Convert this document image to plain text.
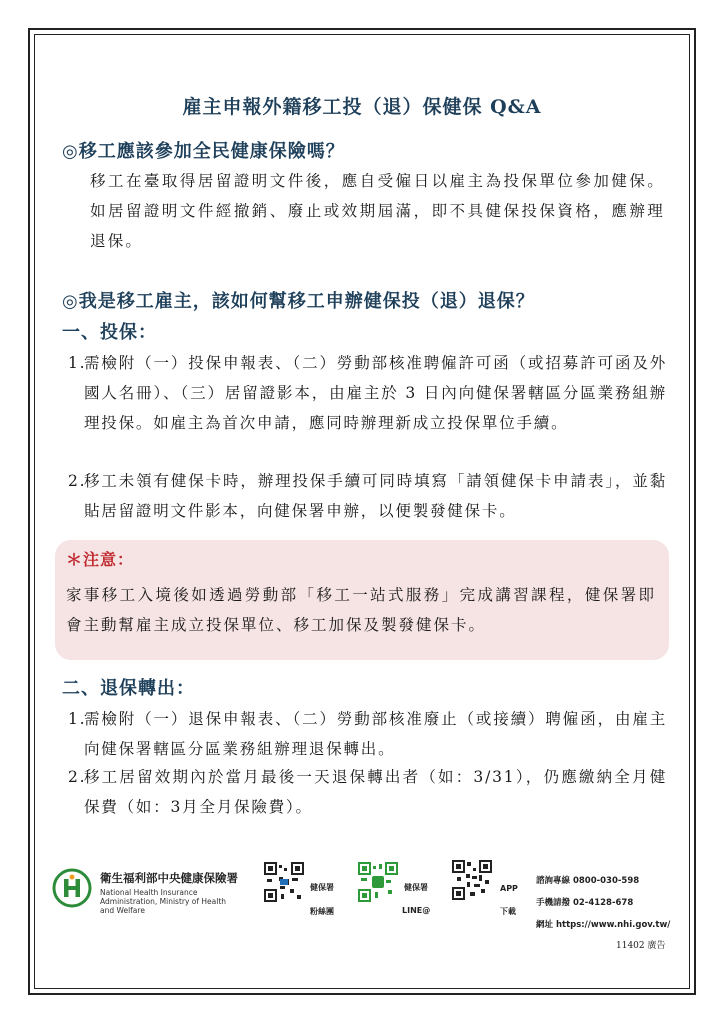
雇主申報外籍移工投（退）保健保 Q&A
◎移工應該參加全民健康保險嗎？
移工在臺取得居留證明文件後，應自受僱日以雇主為投保單位參加健保。如居留證明文件經撤銷、廢止或效期屆滿，即不具健保投保資格，應辦理退保。
◎我是移工雇主，該如何幫移工申辦健保投（退）退保？
一、投保：
1.
需檢附（一）投保申報表、（二）勞動部核准聘僱許可函（或招募許可函及外國人名冊）、（三）居留證影本，由雇主於 3 日內向健保署轄區分區業務組辦理投保。如雇主為首次申請，應同時辦理新成立投保單位手續。
2.
移工未領有健保卡時，辦理投保手續可同時填寫「請領健保卡申請表」，並黏貼居留證明文件影本，向健保署申辦，以便製發健保卡。
＊注意：
家事移工入境後如透過勞動部「移工一站式服務」完成講習課程，健保署即會主動幫雇主成立投保單位、移工加保及製發健保卡。
二、退保轉出：
1.
需檢附（一）退保申報表、（二）勞動部核准廢止（或接續）聘僱函，由雇主向健保署轄區分區業務組辦理退保轉出。
2.
移工居留效期內於當月最後一天退保轉出者（如：3/31），仍應繳納全月健保費（如：3月全月保險費）。
衛生福利部中央健康保險署
National Health Insurance Administration, Ministry of Health and Welfare
健保署
粉絲團
健保署
LINE@
APP
下載
諮詢專線 0800-030-598
手機請撥 02-4128-678
網址 https://www.nhi.gov.tw/
11402 廣告
